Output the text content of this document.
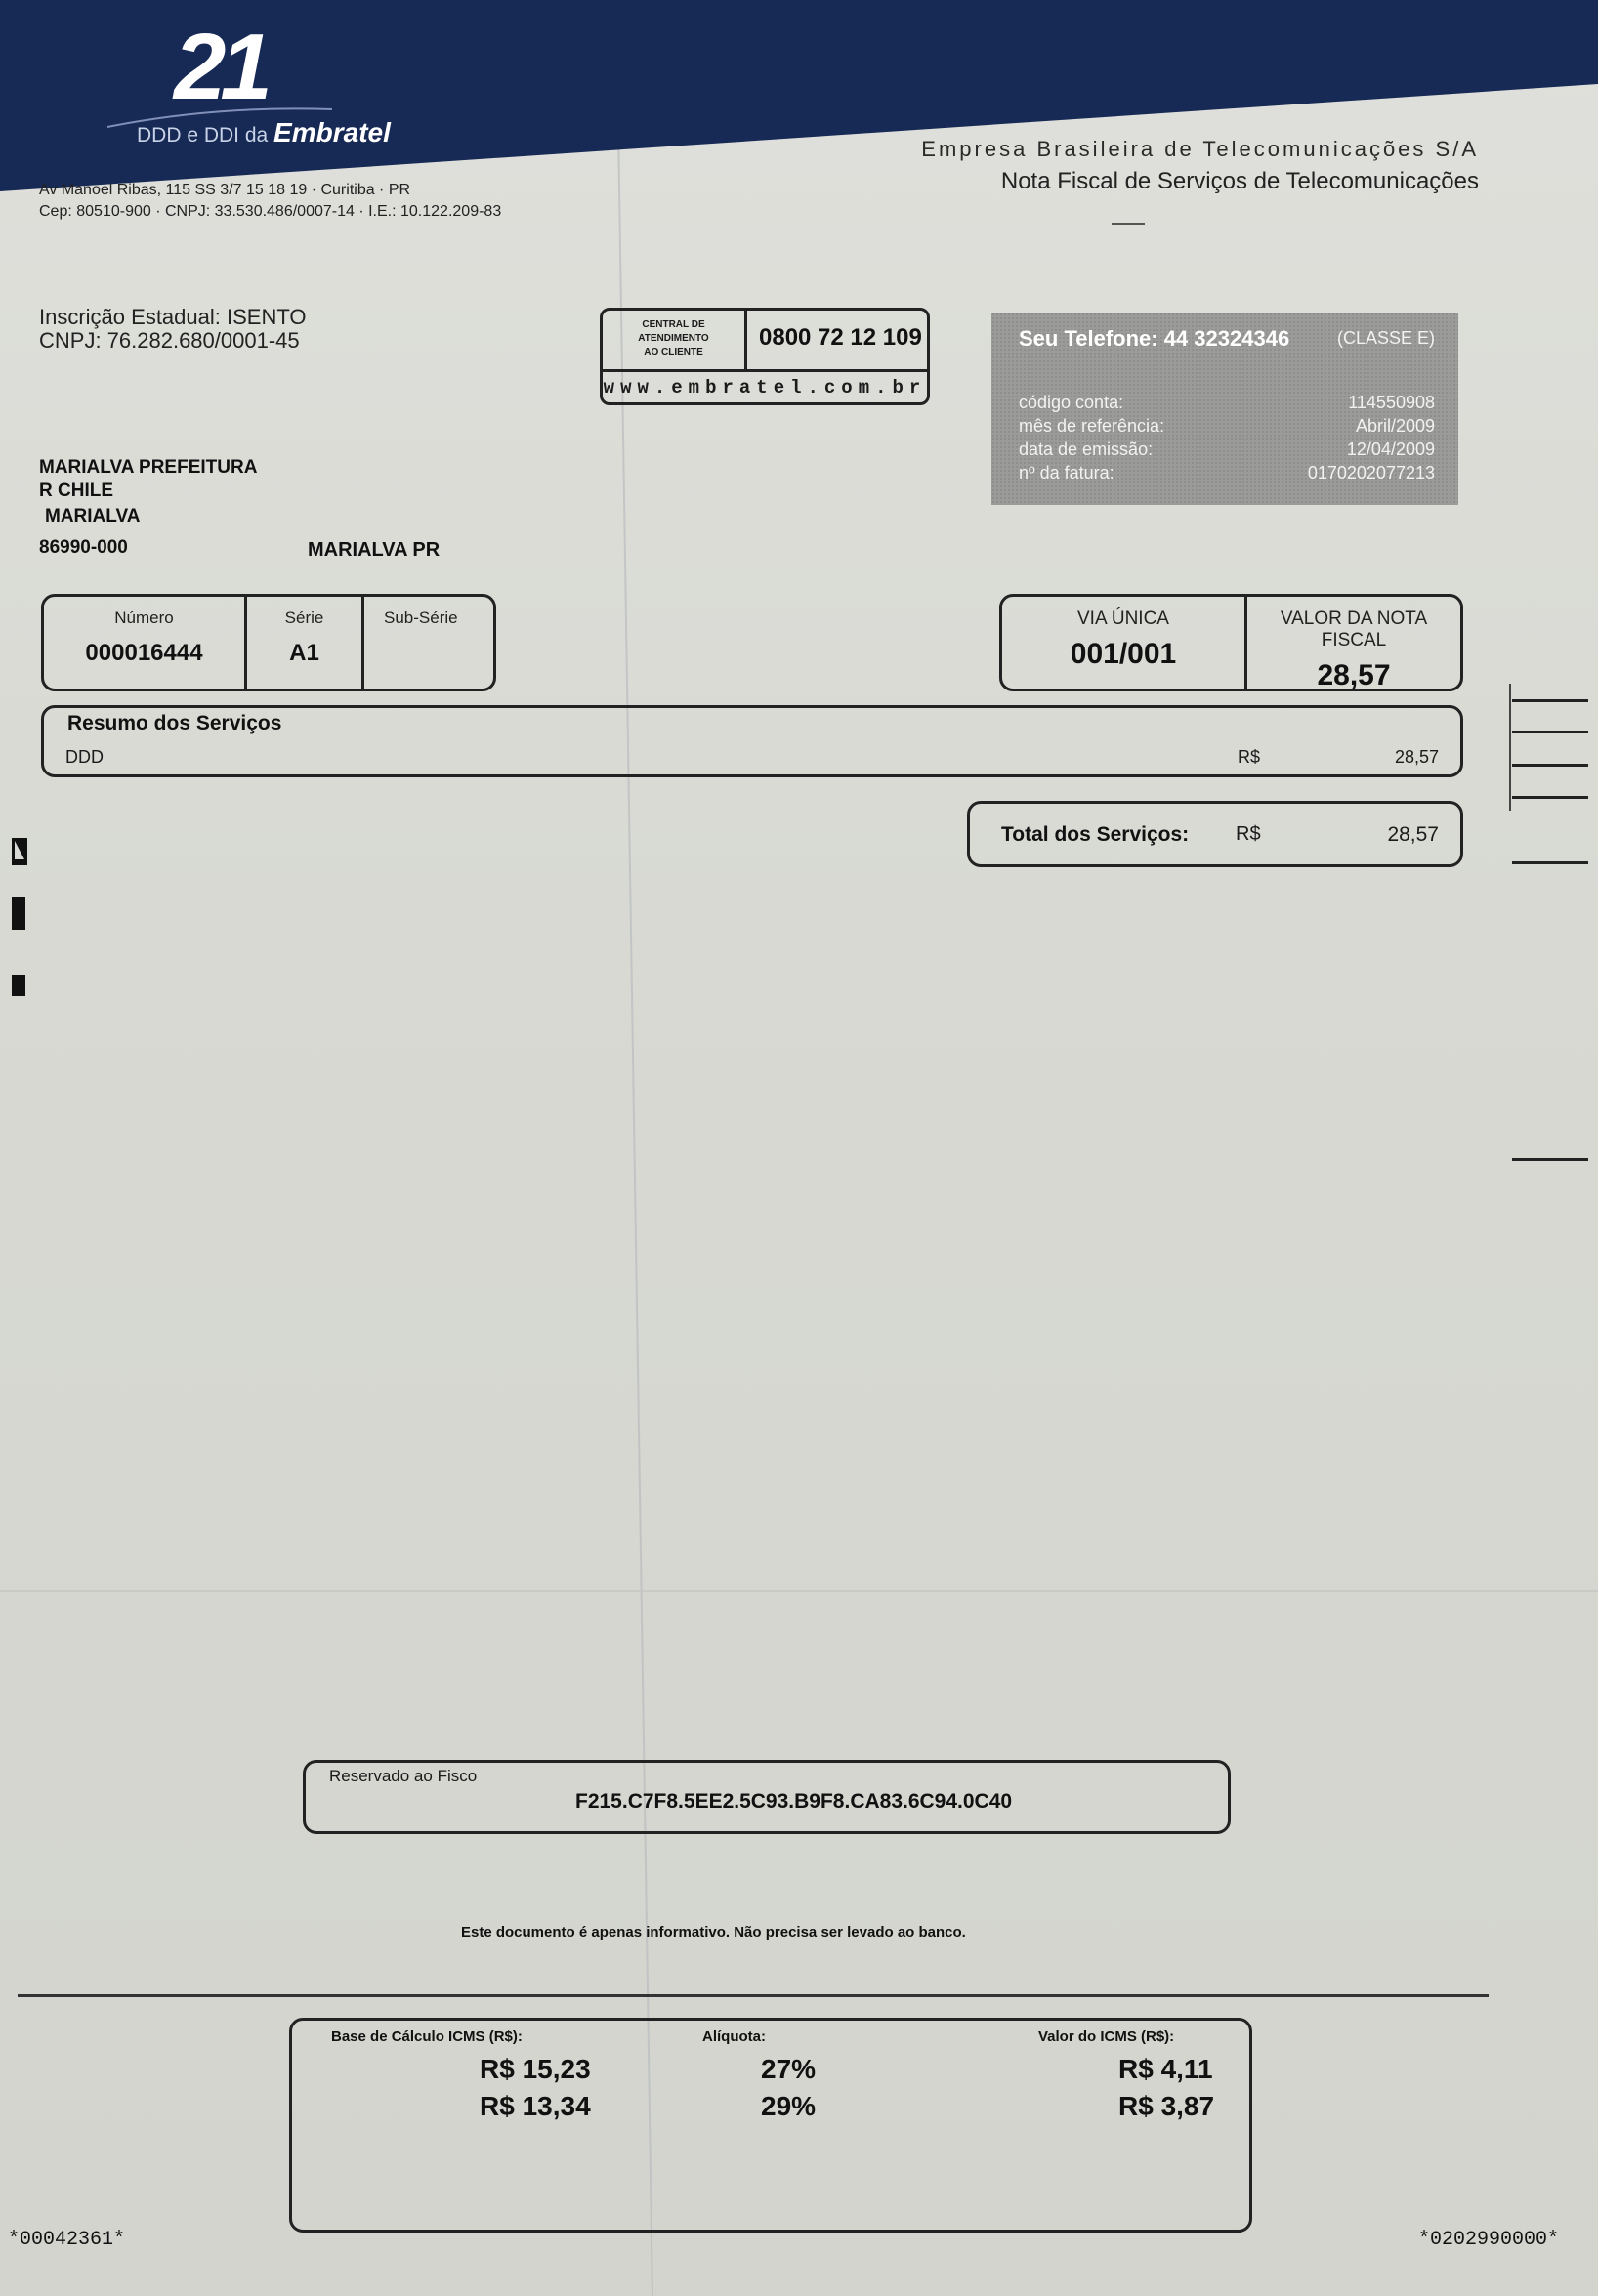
21
DDD e DDI da Embratel
Av Manoel Ribas, 115 SS 3/7 15 18 19 · Curitiba · PR
Cep: 80510-900 · CNPJ: 33.530.486/0007-14 · I.E.: 10.122.209-83
Empresa Brasileira de Telecomunicações S/A
Nota Fiscal de Serviços de Telecomunicações
Inscrição Estadual: ISENTO
CNPJ: 76.282.680/0001-45
CENTRAL DE
ATENDIMENTO
AO CLIENTE
0800 72 12 109
www.embratel.com.br
Seu Telefone: 44 32324346	(CLASSE E)
código conta:	114550908
mês de referência:	Abril/2009
data de emissão:	12/04/2009
nº da fatura:	0170202077213
MARIALVA PREFEITURA
R CHILE
MARIALVA
86990-000	MARIALVA PR
Número
000016444
Série
A1
Sub-Série	VIA ÚNICA
001/001
VALOR DA NOTA FISCAL
28,57
Resumo dos Serviços
DDD	R$	28,57
Total dos Serviços: R$	28,57
Reservado ao Fisco
F215.C7F8.5EE2.5C93.B9F8.CA83.6C94.0C40
Este documento é apenas informativo. Não precisa ser levado ao banco.
Base de Cálculo ICMS (R$):	Alíquota:	Valor do ICMS (R$):
R$ 15,23	27%	R$ 4,11
R$ 13,34	29%	R$ 3,87
*00042361*	*0202990000*
